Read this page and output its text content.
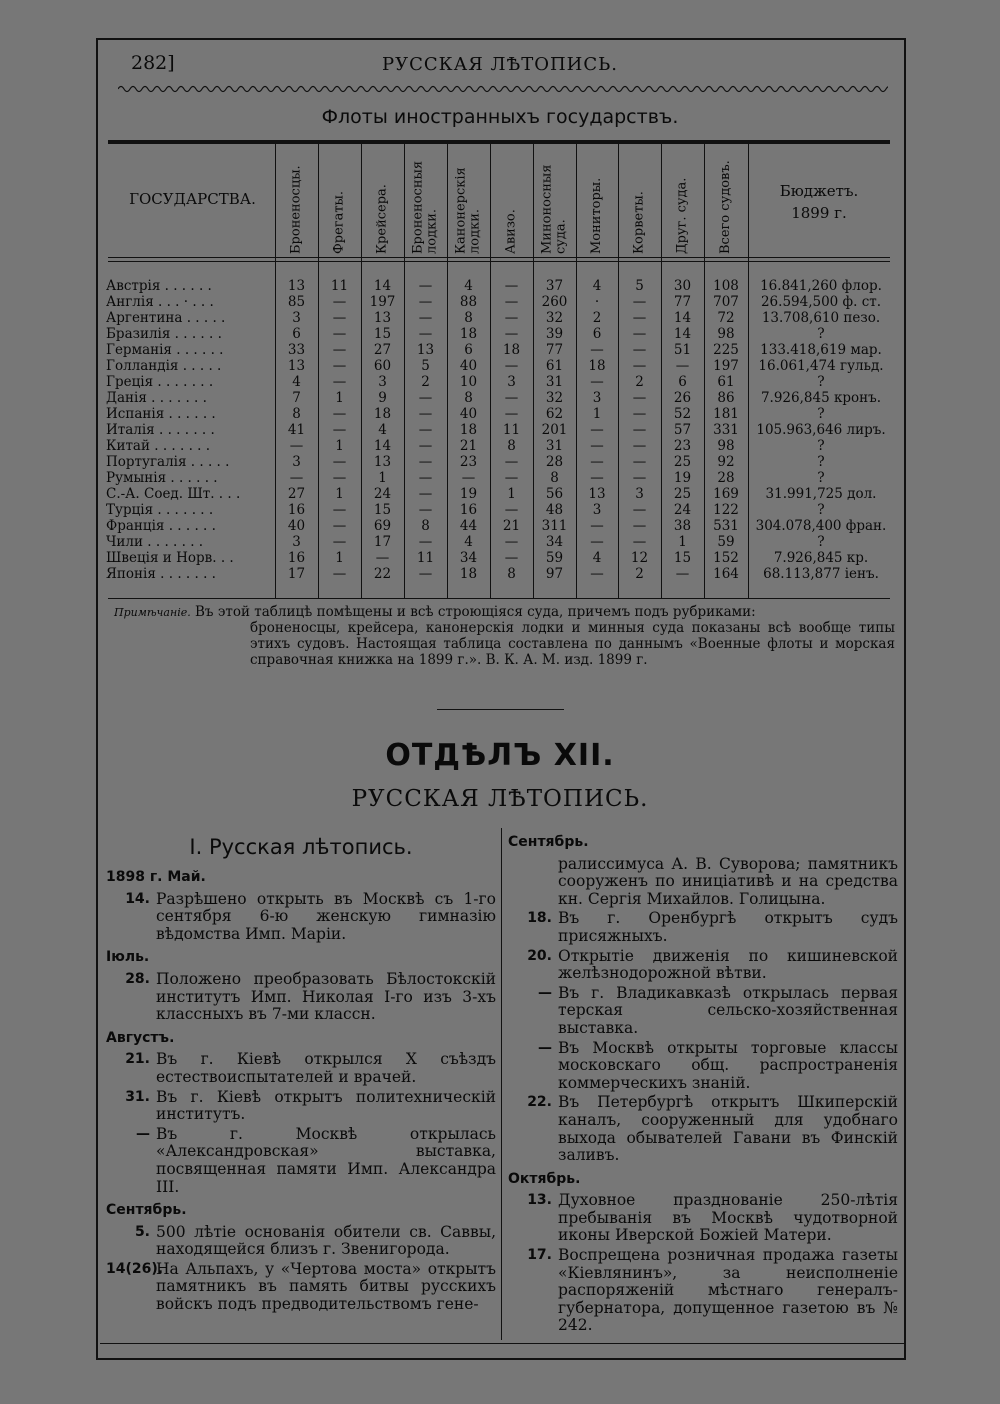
282]	РУССКАЯ ЛѢТОПИСЬ.
Флоты иностранныхъ государствъ.
ГОСУДАРСТВА.	Броненосцы.	Фрегаты.	Крейсера.	Броненосныя
лодки.	Канонерскія
лодки.	Авизо.	Миноносныя
суда.	Мониторы.	Корветы.	Друг. суда.	Всего судовъ.	Бюджетъ.
1899 г.
Австрія . . . . . .	13	11	14	—	4	—	37	4	5	30	108	16.841,260 флор.
Англія . . . · . . .	85	—	197	—	88	—	260	·	—	77	707	26.594,500 ф. ст.
Аргентина . . . . .	3	—	13	—	8	—	32	2	—	14	72	13.708,610 пезо.
Бразилія . . . . . .	6	—	15	—	18	—	39	6	—	14	98	?
Германія . . . . . .	33	—	27	13	6	18	77	—	—	51	225	133.418,619 мар.
Голландія . . . . .	13	—	60	5	40	—	61	18	—	—	197	16.061,474 гульд.
Греція . . . . . . .	4	—	3	2	10	3	31	—	2	6	61	?
Данія . . . . . . .	7	1	9	—	8	—	32	3	—	26	86	7.926,845 кронъ.
Испанія . . . . . .	8	—	18	—	40	—	62	1	—	52	181	?
Италія . . . . . . .	41	—	4	—	18	11	201	—	—	57	331	105.963,646 лиръ.
Китай . . . . . . .	—	1	14	—	21	8	31	—	—	23	98	?
Португалія . . . . .	3	—	13	—	23	—	28	—	—	25	92	?
Румынія . . . . . .	—	—	1	—	—	—	8	—	—	19	28	?
С.-А. Соед. Шт. . . .	27	1	24	—	19	1	56	13	3	25	169	31.991,725 дол.
Турція . . . . . . .	16	—	15	—	16	—	48	3	—	24	122	?
Франція . . . . . .	40	—	69	8	44	21	311	—	—	38	531	304.078,400 фран.
Чили . . . . . . .	3	—	17	—	4	—	34	—	—	1	59	?
Швеція и Норв. . .	16	1	—	11	34	—	59	4	12	15	152	7.926,845 кр.
Японія . . . . . . .	17	—	22	—	18	8	97	—	2	—	164	68.113,877 іенъ.
Примѣчаніе. Въ этой таблицѣ помѣщены и всѣ строющіяся суда, причемъ подъ рубриками:
броненосцы, крейсера, канонерскія лодки и минныя суда показаны всѣ вообще типы этихъ судовъ. Настоящая таблица составлена по даннымъ «Военные флоты и морская справочная книжка на 1899 г.». В. К. А. М. изд. 1899 г.
ОТДѢЛЪ XII.
РУССКАЯ ЛѢТОПИСЬ.
I. Русская лѣтопись.
1898 г. Май.
14. Разрѣшено открыть въ Москвѣ съ 1-го сентября 6-ю женскую гимназію вѣдомства Имп. Маріи.
Іюль.
28. Положено преобразовать Бѣлостокскій институтъ Имп. Николая I-го изъ 3-хъ классныхъ въ 7-ми классн.
Августъ.
21. Въ г. Кіевѣ открылся X съѣздъ естествоиспытателей и врачей.
31. Въ г. Кіевѣ открытъ политехническій институтъ.
— Въ г. Москвѣ открылась «Александровская» выставка, посвященная памяти Имп. Александра III.
Сентябрь.
5. 500 лѣтіе основанія обители св. Саввы, находящейся близъ г. Звенигорода.
14(26).
На Альпахъ, у «Чертова моста» открытъ памятникъ въ память битвы русскихъ войскъ подъ предводительствомъ гене-
Сентябрь.
ралиссимуса А. В. Суворова; памятникъ сооруженъ по иниціативѣ и на средства кн. Сергія Михайлов. Голицына.
18. Въ г. Оренбургѣ открытъ судъ присяжныхъ.
20. Открытіе движенія по кишиневской желѣзнодорожной вѣтви.
— Въ г. Владикавказѣ открылась первая терская сельско-хозяйственная выставка.
— Въ Москвѣ открыты торговые классы московскаго общ. распространенія коммерческихъ знаній.
22. Въ Петербургѣ открытъ Шкиперскій каналъ, сооруженный для удобнаго выхода обывателей Гавани въ Финскій заливъ.
Октябрь.
13. Духовное празднованіе 250-лѣтія пребыванія въ Москвѣ чудотворной иконы Иверской Божіей Матери.
17. Воспрещена розничная продажа газеты «Кіевлянинъ», за неисполненіе распоряженій мѣстнаго генералъ-губернатора, допущенное газетою въ № 242.
